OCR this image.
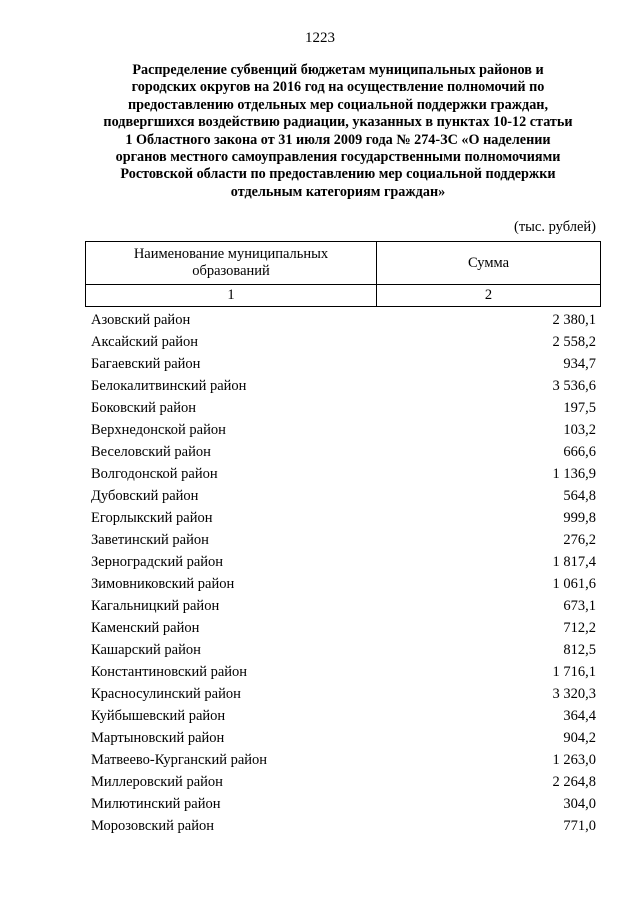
1223
Распределение субвенций бюджетам муниципальных районов и
городских округов на 2016 год на осуществление полномочий по
предоставлению отдельных мер социальной поддержки граждан,
подвергшихся воздействию радиации, указанных в пунктах 10-12 статьи
1 Областного закона от 31 июля 2009 года № 274-ЗС «О наделении
органов местного самоуправления государственными полномочиями
Ростовской области по предоставлению мер социальной поддержки
отдельным категориям граждан»
(тыс. рублей)
Наименование муниципальных образований	Сумма
1	2
Азовский район	2 380,1
Аксайский район	2 558,2
Багаевский район	934,7
Белокалитвинский район	3 536,6
Боковский район	197,5
Верхнедонской район	103,2
Веселовский район	666,6
Волгодонской район	1 136,9
Дубовский район	564,8
Егорлыкский район	999,8
Заветинский район	276,2
Зерноградский район	1 817,4
Зимовниковский район	1 061,6
Кагальницкий район	673,1
Каменский район	712,2
Кашарский район	812,5
Константиновский район	1 716,1
Красносулинский район	3 320,3
Куйбышевский район	364,4
Мартыновский район	904,2
Матвеево-Курганский район	1 263,0
Миллеровский район	2 264,8
Милютинский район	304,0
Морозовский район	771,0
